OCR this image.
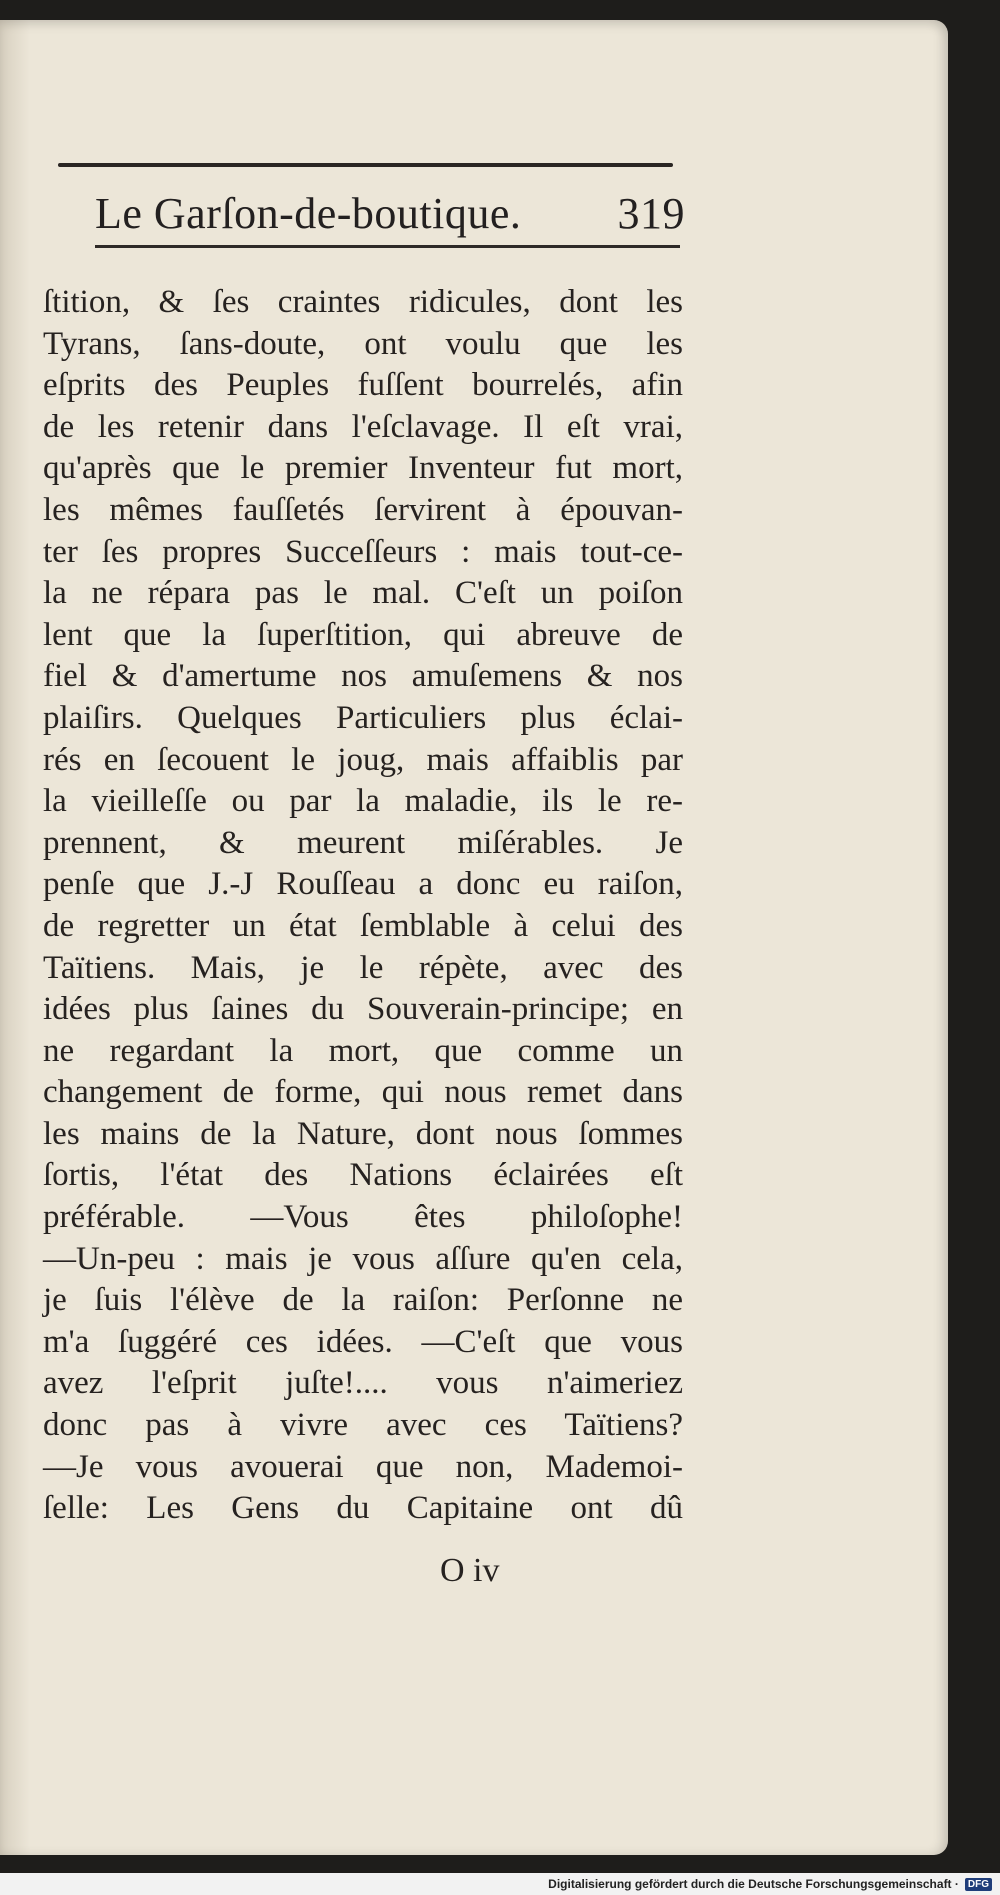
Le Garſon-de-boutique. 319
ſtition, & ſes craintes ridicules, dont les
Tyrans, ſans-doute, ont voulu que les
eſprits des Peuples fuſſent bourrelés, afin
de les retenir dans l'eſclavage. Il eſt vrai,
qu'après que le premier Inventeur fut mort,
les mêmes fauſſetés ſervirent à épouvan-
ter ſes propres Succeſſeurs : mais tout-ce-
la ne répara pas le mal. C'eſt un poiſon
lent que la ſuperſtition, qui abreuve de
fiel & d'amertume nos amuſemens & nos
plaiſirs. Quelques Particuliers plus éclai-
rés en ſecouent le joug, mais affaiblis par
la vieilleſſe ou par la maladie, ils le re-
prennent, & meurent miſérables. Je
penſe que J.-J Rouſſeau a donc eu raiſon,
de regretter un état ſemblable à celui des
Taïtiens. Mais, je le répète, avec des
idées plus ſaines du Souverain-principe; en
ne regardant la mort, que comme un
changement de forme, qui nous remet dans
les mains de la Nature, dont nous ſommes
ſortis, l'état des Nations éclairées eſt
préférable. —Vous êtes philoſophe!
—Un-peu : mais je vous aſſure qu'en cela,
je ſuis l'élève de la raiſon: Perſonne ne
m'a ſuggéré ces idées. —C'eſt que vous
avez l'eſprit juſte!.... vous n'aimeriez
donc pas à vivre avec ces Taïtiens?
—Je vous avouerai que non, Mademoi-
ſelle: Les Gens du Capitaine ont dû
O iv
Digitalisierung gefördert durch die Deutsche Forschungsgemeinschaft · DFG
